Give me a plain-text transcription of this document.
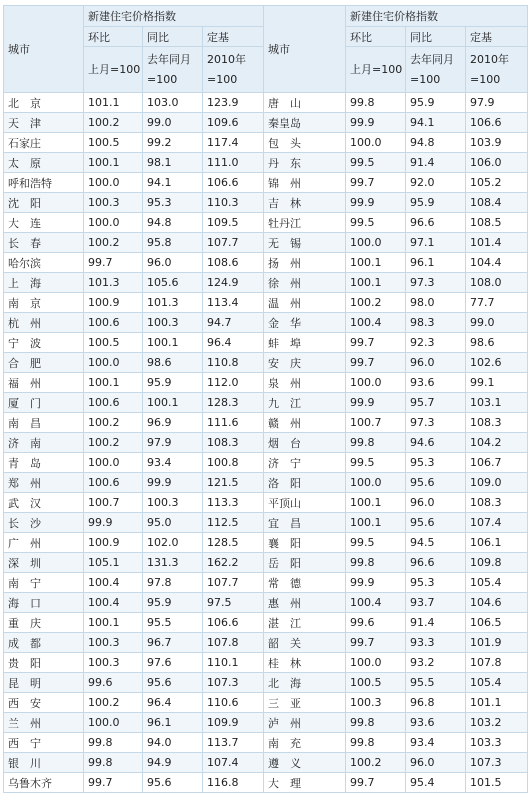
城市	新建住宅价格指数			城市	新建住宅价格指数		
	环比	同比	定基		环比	同比	定基
	上月=100	去年同月=100	2010年=100		上月=100	去年同月=100	2010年=100
北　京	101.1	103.0	123.9	唐　山	99.8	95.9	97.9
天　津	100.2	99.0	109.6	秦皇岛	99.9	94.1	106.6
石家庄	100.5	99.2	117.4	包　头	100.0	94.8	103.9
太　原	100.1	98.1	111.0	丹　东	99.5	91.4	106.0
呼和浩特	100.0	94.1	106.6	锦　州	99.7	92.0	105.2
沈　阳	100.3	95.3	110.3	吉　林	99.9	95.9	108.4
大　连	100.0	94.8	109.5	牡丹江	99.5	96.6	108.5
长　春	100.2	95.8	107.7	无　锡	100.0	97.1	101.4
哈尔滨	99.7	96.0	108.6	扬　州	100.1	96.1	104.4
上　海	101.3	105.6	124.9	徐　州	100.1	97.3	108.0
南　京	100.9	101.3	113.4	温　州	100.2	98.0	77.7
杭　州	100.6	100.3	94.7	金　华	100.4	98.3	99.0
宁　波	100.5	100.1	96.4	蚌　埠	99.7	92.3	98.6
合　肥	100.0	98.6	110.8	安　庆	99.7	96.0	102.6
福　州	100.1	95.9	112.0	泉　州	100.0	93.6	99.1
厦　门	100.6	100.1	128.3	九　江	99.9	95.7	103.1
南　昌	100.2	96.9	111.6	赣　州	100.7	97.3	108.3
济　南	100.2	97.9	108.3	烟　台	99.8	94.6	104.2
青　岛	100.0	93.4	100.8	济　宁	99.5	95.3	106.7
郑　州	100.6	99.9	121.5	洛　阳	100.0	95.6	109.0
武　汉	100.7	100.3	113.3	平顶山	100.1	96.0	108.3
长　沙	99.9	95.0	112.5	宜　昌	100.1	95.6	107.4
广　州	100.9	102.0	128.5	襄　阳	99.5	94.5	106.1
深　圳	105.1	131.3	162.2	岳　阳	99.8	96.6	109.8
南　宁	100.4	97.8	107.7	常　德	99.9	95.3	105.4
海　口	100.4	95.9	97.5	惠　州	100.4	93.7	104.6
重　庆	100.1	95.5	106.6	湛　江	99.6	91.4	106.5
成　都	100.3	96.7	107.8	韶　关	99.7	93.3	101.9
贵　阳	100.3	97.6	110.1	桂　林	100.0	93.2	107.8
昆　明	99.6	95.6	107.3	北　海	100.5	95.5	105.4
西　安	100.2	96.4	110.6	三　亚	100.3	96.8	101.1
兰　州	100.0	96.1	109.9	泸　州	99.8	93.6	103.2
西　宁	99.8	94.0	113.7	南　充	99.8	93.4	103.3
银　川	99.8	94.9	107.4	遵　义	100.2	96.0	107.3
乌鲁木齐	99.7	95.6	116.8	大　理	99.7	95.4	101.5
